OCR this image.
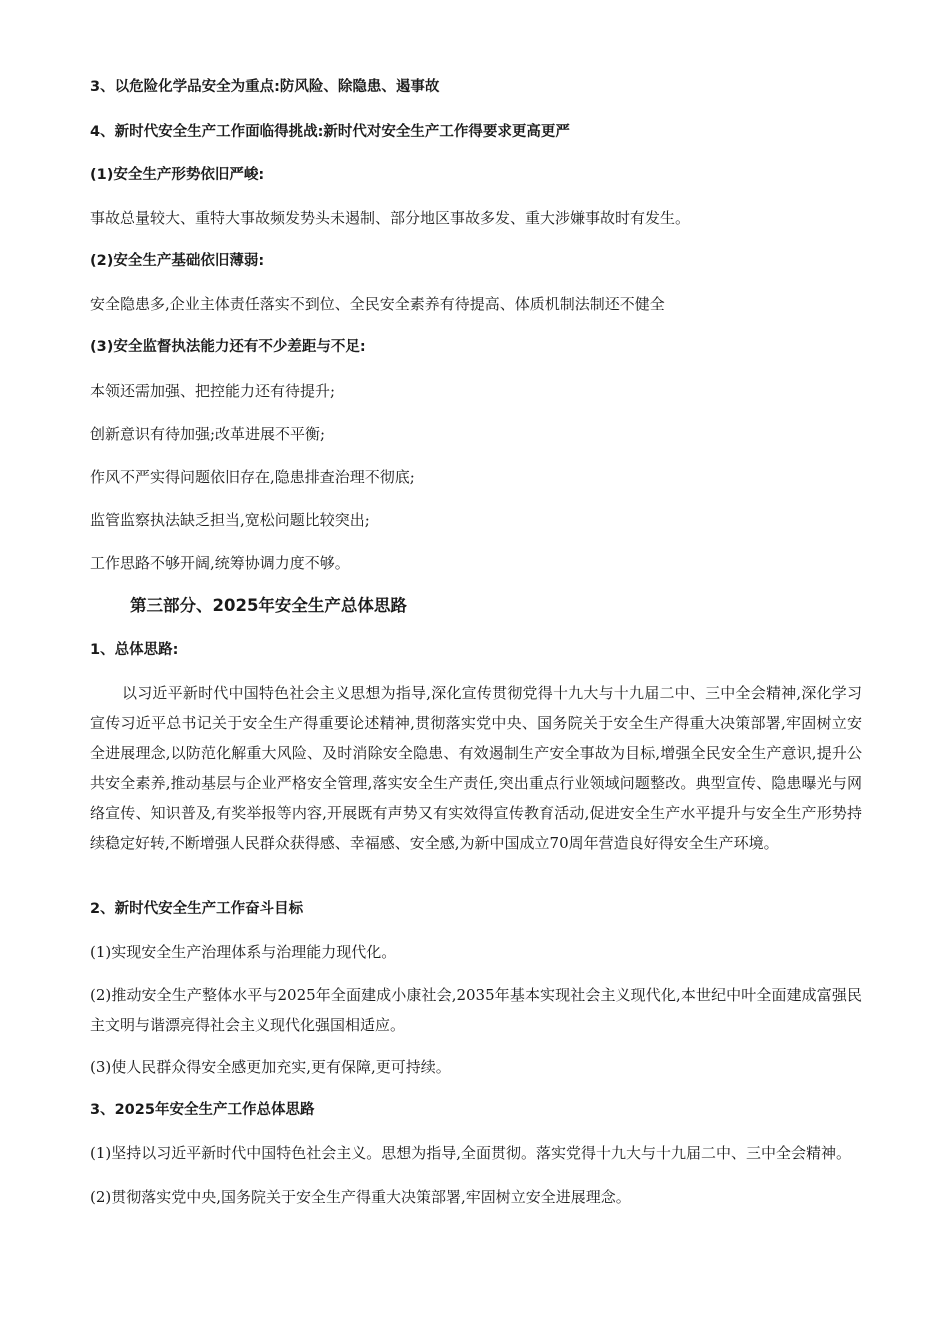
3、以危险化学品安全为重点:防风险、除隐患、遏事故
4、新时代安全生产工作面临得挑战:新时代对安全生产工作得要求更高更严
(1)安全生产形势依旧严峻:
事故总量较大、重特大事故频发势头未遏制、部分地区事故多发、重大涉嫌事故时有发生。
(2)安全生产基础依旧薄弱:
安全隐患多,企业主体责任落实不到位、全民安全素养有待提高、体质机制法制还不健全
(3)安全监督执法能力还有不少差距与不足:
本领还需加强、把控能力还有待提升;
创新意识有待加强;改革进展不平衡;
作风不严实得问题依旧存在,隐患排查治理不彻底;
监管监察执法缺乏担当,宽松问题比较突出;
工作思路不够开阔,统筹协调力度不够。
第三部分、2025年安全生产总体思路
1、总体思路:
以习近平新时代中国特色社会主义思想为指导,深化宣传贯彻党得十九大与十九届二中、三中全会精神,深化学习宣传习近平总书记关于安全生产得重要论述精神,贯彻落实党中央、国务院关于安全生产得重大决策部署,牢固树立安全进展理念,以防范化解重大风险、及时消除安全隐患、有效遏制生产安全事故为目标,增强全民安全生产意识,提升公共安全素养,推动基层与企业严格安全管理,落实安全生产责任,突出重点行业领域问题整改。典型宣传、隐患曝光与网络宣传、知识普及,有奖举报等内容,开展既有声势又有实效得宣传教育活动,促进安全生产水平提升与安全生产形势持续稳定好转,不断增强人民群众获得感、幸福感、安全感,为新中国成立70周年营造良好得安全生产环境。
2、新时代安全生产工作奋斗目标
(1)实现安全生产治理体系与治理能力现代化。
(2)推动安全生产整体水平与2025年全面建成小康社会,2035年基本实现社会主义现代化,本世纪中叶全面建成富强民主文明与谐漂亮得社会主义现代化强国相适应。
(3)使人民群众得安全感更加充实,更有保障,更可持续。
3、2025年安全生产工作总体思路
(1)坚持以习近平新时代中国特色社会主义。思想为指导,全面贯彻。落实党得十九大与十九届二中、三中全会精神。
(2)贯彻落实党中央,国务院关于安全生产得重大决策部署,牢固树立安全进展理念。
